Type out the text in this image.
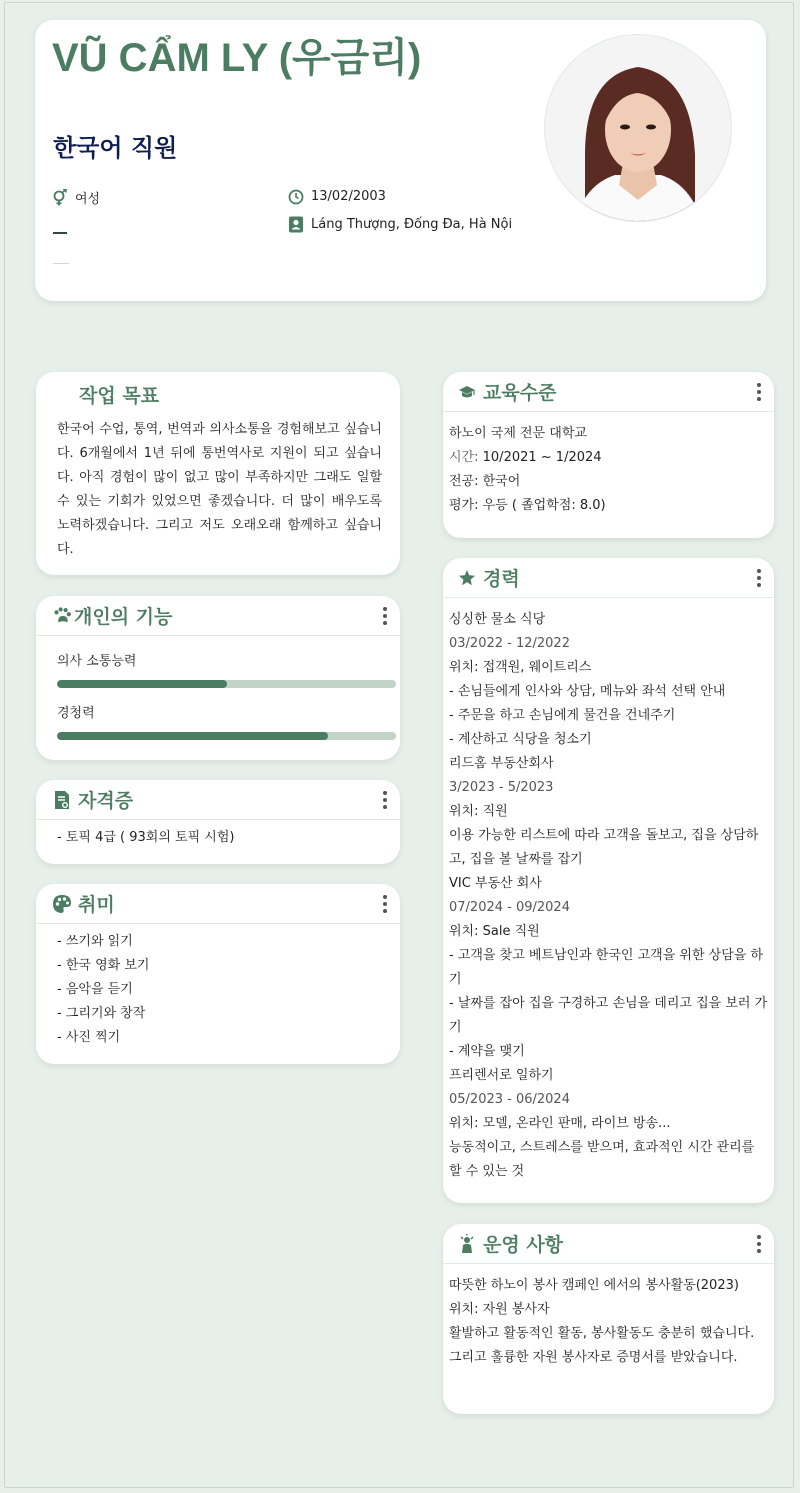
VŨ CẨM LY (우금리)
한국어 직원
여성	13/02/2003
Láng Thượng, Đống Đa, Hà Nội
작업 목표
한국어 수업, 통역, 번역과 의사소통을 경험해보고 싶습니다. 6개월에서 1년 뒤에 통번역사로 지원이 되고 싶습니다. 아직 경험이 많이 없고 많이 부족하지만 그래도 일할 수 있는 기회가 있었으면 좋겠습니다. 더 많이 배우도록 노력하겠습니다. 그리고 저도 오래오래 함께하고 싶습니다.
개인의 기능
의사 소통능력
경청력
자격증
- 토픽 4급 ( 93회의 토픽 시험)
취미
- 쓰기와 읽기
- 한국 영화 보기
- 음악을 듣기
- 그리기와 창작
- 사진 찍기
교육수준
하노이 국제 전문 대학교
시간: 10/2021 ~ 1/2024
전공: 한국어
평가: 우등 ( 졸업학점: 8.0)
경력
싱싱한 물소 식당
03/2022 - 12/2022
위치: 접객원, 웨이트리스
- 손님들에게 인사와 상담, 메뉴와 좌석 선택 안내
- 주문을 하고 손님에게 물건을 건네주기
- 계산하고 식당을 청소기
리드홈 부동산회사
3/2023 - 5/2023
위치: 직원
이용 가능한 리스트에 따라 고객을 돌보고, 집을 상담하고, 집을 볼 날짜를 잡기
VIC 부동산 회사
07/2024 - 09/2024
위치: Sale 직원
- 고객을 찾고 베트남인과 한국인 고객을 위한 상담을 하기
- 날짜를 잡아 집을 구경하고 손님을 데리고 집을 보러 가기
- 계약을 맺기
프리렌서로 일하기
05/2023 - 06/2024
위치: 모델, 온라인 판매, 라이브 방송...
능동적이고, 스트레스를 받으며, 효과적인 시간 관리를 할 수 있는 것
운영 사항
따뜻한 하노이 봉사 캠페인 에서의 봉사활동(2023)
위치: 자원 봉사자
활발하고 활동적인 활동, 봉사활동도 충분히 했습니다. 그리고 훌륭한 자원 봉사자로 증명서를 받았습니다.
